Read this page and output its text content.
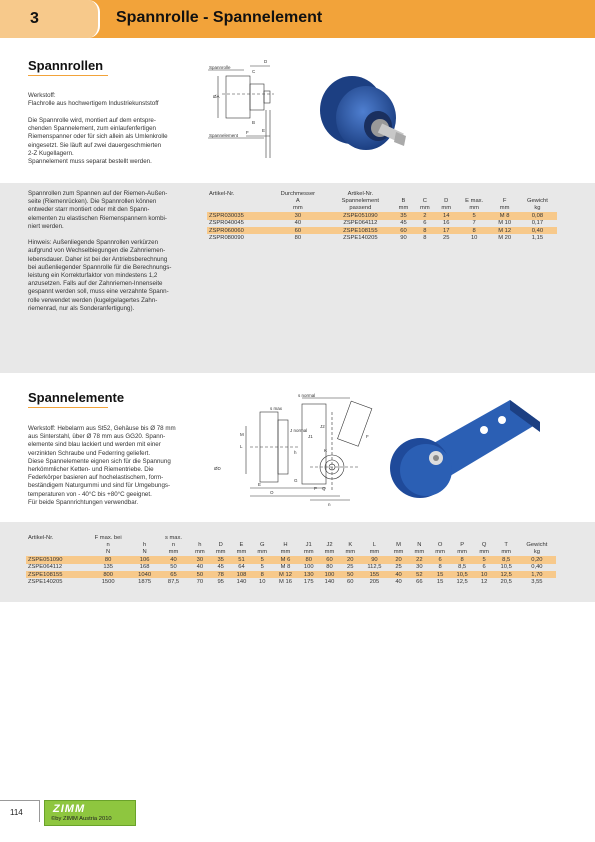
3	Spannrolle - Spannelement
Spannrollen
Werkstoff:
Flachrolle aus hochwertigem Industriekunststoff
Die Spannrolle wird, montiert auf dem entspre-
chenden Spannelement, zum einlaufenfertigen
Riemenspanner oder für sich allein als Umlenkrolle
eingesetzt. Sie läuft auf zwei dauergeschmierten
2-Z Kugellagern.
Spannelement muss separat bestellt werden.
Spannrolle
Spannelement
C
D
ØA
B
F	E
Spannrollen zum Spannen auf der Riemen-Außen-
seite (Riemenrücken). Die Spannrollen können
entweder starr montiert oder mit den Spann-
elementen zu elastischen Riemenspannern kombi-
niert werden.

Hinweis: Außenliegende Spannrollen verkürzen
aufgrund von Wechselbiegungen die Zahnriemen-
lebensdauer. Daher ist bei der Antriebsberechnung
bei außenliegender Spannrolle für die Berechnungs-
leistung ein Korrekturfaktor von mindestens 1,2
anzusetzen. Falls auf der Zahnriemen-Innenseite
gespannt werden soll, muss eine verzahnte Spann-
rolle verwendet werden (kugelgelagertes Zahn-
riemenrad, nur als Sonderanfertigung).
Artikel-Nr.	Durchmesser	Artikel-Nr.						
	A	Spannelement	B	C	D	E max.	F	Gewicht
	mm	passend	mm	mm	mm	mm	mm	kg
ZSPR030035	30	ZSPE051090	35	2	14	5	M 8	0,08
ZSPR040045	40	ZSPE064112	45	6	16	7	M 10	0,17
ZSPR060060	60	ZSPE108155	60	8	17	8	M 12	0,40
ZSPR080090	80	ZSPE140205	90	8	25	10	M 20	1,15
Spannelemente
Werkstoff: Hebelarm aus St52, Gehäuse bis Ø 78 mm
aus Sinterstahl, über Ø 78 mm aus GG20. Spann-
elemente sind blau lackiert und werden mit einer
verzinkten Schraube und Federring geliefert.
Diese Spannelemente eignen sich für die Spannung
herkömmlicher Ketten- und Riementriebe. Die
Federkörper basieren auf hochelastischem, form-
beständigem Naturgummi und sind für Umgebungs-
temperaturen von - 40°C bis +80°C geeignet.
Für beide Spannrichtungen verwendbar.
s normal
M
L
s max
J normal
J1
J2
h	K
ØD
E
G
O
P Q
n
F
Artikel-Nr.	F max. bei		s max.																
	n	h	n	h	D	E	G	H	J1	J2	K	L	M	N	O	P	Q	T	Gewicht
	N	N	mm	mm	mm	mm	mm	mm	mm	mm	mm	mm	mm	mm	mm	mm	mm	mm	kg
ZSPE051090	80	106	40	30	35	51	5	M 6	80	60	20	90	20	22	6	8	5	8,5	0,20
ZSPE064112	135	168	50	40	45	64	5	M 8	100	80	25	112,5	25	30	8	8,5	6	10,5	0,40
ZSPE108155	800	1040	65	50	78	108	8	M 12	130	100	50	155	40	52	15	10,5	10	12,5	1,70
ZSPE140205	1500	1875	87,5	70	95	140	10	M 16	175	140	60	205	40	66	15	12,5	12	20,5	3,55
114	ZIMM
©by ZIMM Austria 2010
